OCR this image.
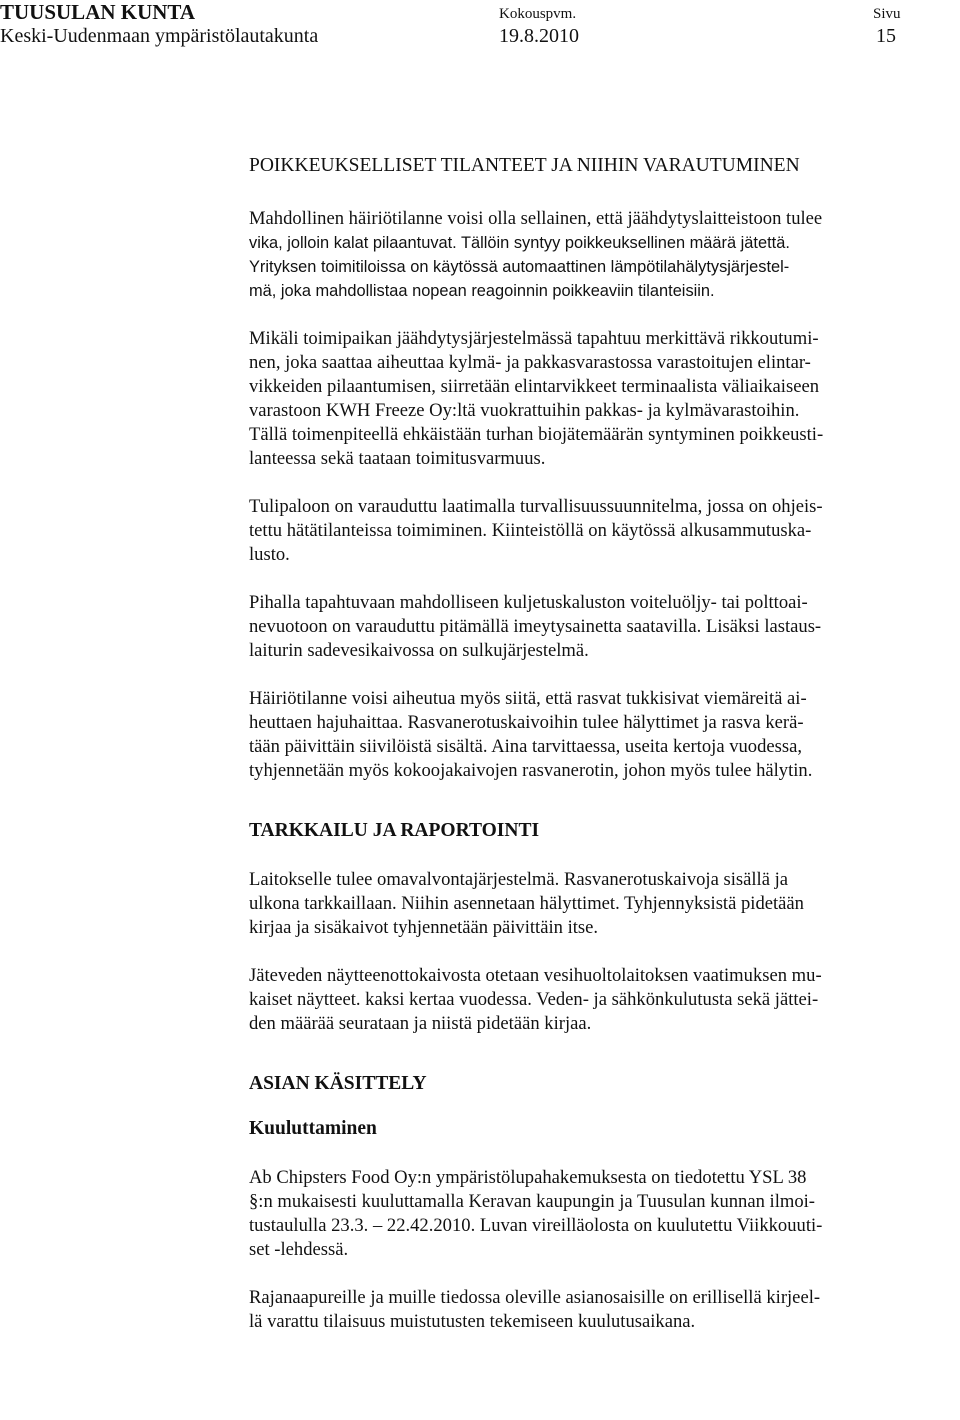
TUUSULAN KUNTA
Keski-Uudenmaan ympäristölautakunta
Kokouspvm.
19.8.2010
Sivu
15
POIKKEUKSELLISET TILANTEET JA NIIHIN VARAUTUMINEN

Mahdollinen häiriötilanne voisi olla sellainen, että jäähdytyslaitteistoon tulee
vika, jolloin kalat pilaantuvat. Tällöin syntyy poikkeuksellinen määrä jätettä.
Yrityksen toimitiloissa on käytössä automaattinen lämpötilahälytysjärjestel-
mä, joka mahdollistaa nopean reagoinnin poikkeaviin tilanteisiin.

Mikäli toimipaikan jäähdytysjärjestelmässä tapahtuu merkittävä rikkoutumi-
nen, joka saattaa aiheuttaa kylmä- ja pakkasvarastossa varastoitujen elintar-
vikkeiden pilaantumisen, siirretään elintarvikkeet terminaalista väliaikaiseen
varastoon KWH Freeze Oy:ltä vuokrattuihin pakkas- ja kylmävarastoihin.
Tällä toimenpiteellä ehkäistään turhan biojätemäärän syntyminen poikkeusti-
lanteessa sekä taataan toimitusvarmuus.

Tulipaloon on varauduttu laatimalla turvallisuussuunnitelma, jossa on ohjeis-
tettu hätätilanteissa toimiminen. Kiinteistöllä on käytössä alkusammutuska-
lusto.

Pihalla tapahtuvaan mahdolliseen kuljetuskaluston voiteluöljy- tai polttoai-
nevuotoon on varauduttu pitämällä imeytysainetta saatavilla. Lisäksi lastaus-
laiturin sadevesikaivossa on sulkujärjestelmä.

Häiriötilanne voisi aiheutua myös siitä, että rasvat tukkisivat viemäreitä ai-
heuttaen hajuhaittaa. Rasvanerotuskaivoihin tulee hälyttimet ja rasva kerä-
tään päivittäin siivilöistä sisältä. Aina tarvittaessa, useita kertoja vuodessa,
tyhjennetään myös kokoojakaivojen rasvanerotin, johon myös tulee hälytin.

TARKKAILU JA RAPORTOINTI

Laitokselle tulee omavalvontajärjestelmä. Rasvanerotuskaivoja sisällä ja
ulkona tarkkaillaan. Niihin asennetaan hälyttimet. Tyhjennyksistä pidetään
kirjaa ja sisäkaivot tyhjennetään päivittäin itse.

Jäteveden näytteenottokaivosta otetaan vesihuoltolaitoksen vaatimuksen mu-
kaiset näytteet. kaksi kertaa vuodessa. Veden- ja sähkönkulutusta sekä jättei-
den määrää seurataan ja niistä pidetään kirjaa.

ASIAN KÄSITTELY
Kuuluttaminen

Ab Chipsters Food Oy:n ympäristölupahakemuksesta on tiedotettu YSL 38
§:n mukaisesti kuuluttamalla Keravan kaupungin ja Tuusulan kunnan ilmoi-
tustaululla 23.3. – 22.42.2010. Luvan vireilläolosta on kuulutettu Viikkouuti-
set -lehdessä.

Rajanaapureille ja muille tiedossa oleville asianosaisille on erillisellä kirjeel-
lä varattu tilaisuus muistutusten tekemiseen kuulutusaikana.
